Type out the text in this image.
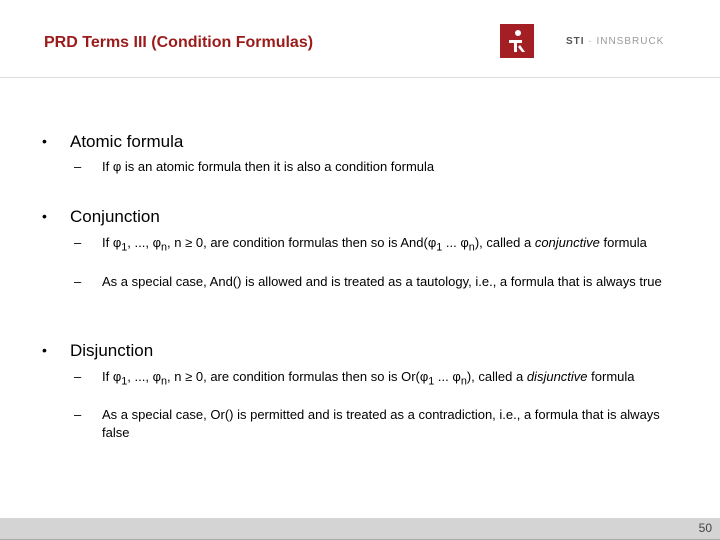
PRD Terms III (Condition Formulas)	STI · INNSBRUCK
• Atomic formula
– If φ is an atomic formula then it is also a condition formula
• Conjunction
– If $\varphi_1$, ..., $\varphi_n$, n ≥ 0, are condition formulas then so is $And(\varphi_1$ ... $\varphi_n$), called a conjunctive formula
– As a special case, And() is allowed and is treated as a tautology, i.e., a formula that is always true
• Disjunction
– If $\varphi_1$, ..., $\varphi_n$, n ≥ 0, are condition formulas then so is $Or(\varphi_1$ ... $\varphi_n$), called a disjunctive formula
– As a special case, Or() is permitted and is treated as a contradiction, i.e., a formula that is always false
50
